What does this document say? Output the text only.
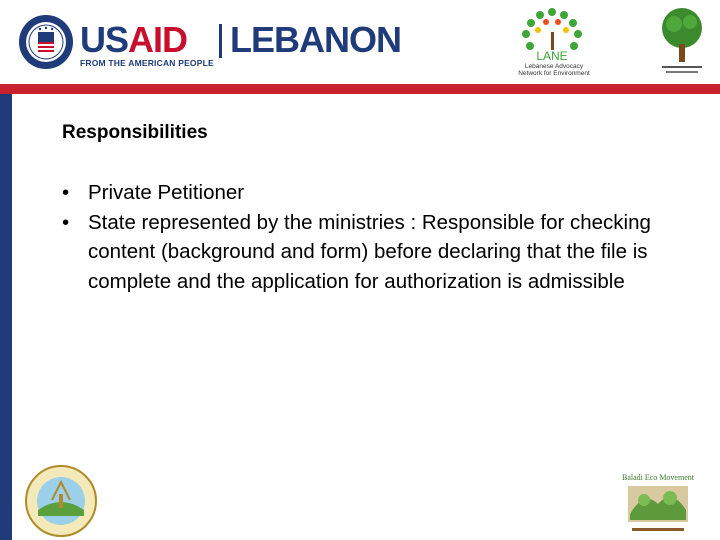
USAID LEBANON
FROM THE AMERICAN PEOPLE	LANE
Lebanese Advocacy Network for Environment
Responsibilities
• Private Petitioner
• State represented by the ministries : Responsible for checking content (background and form) before declaring that the file is complete and the application for authorization is admissible
Baladi Eco Movement
